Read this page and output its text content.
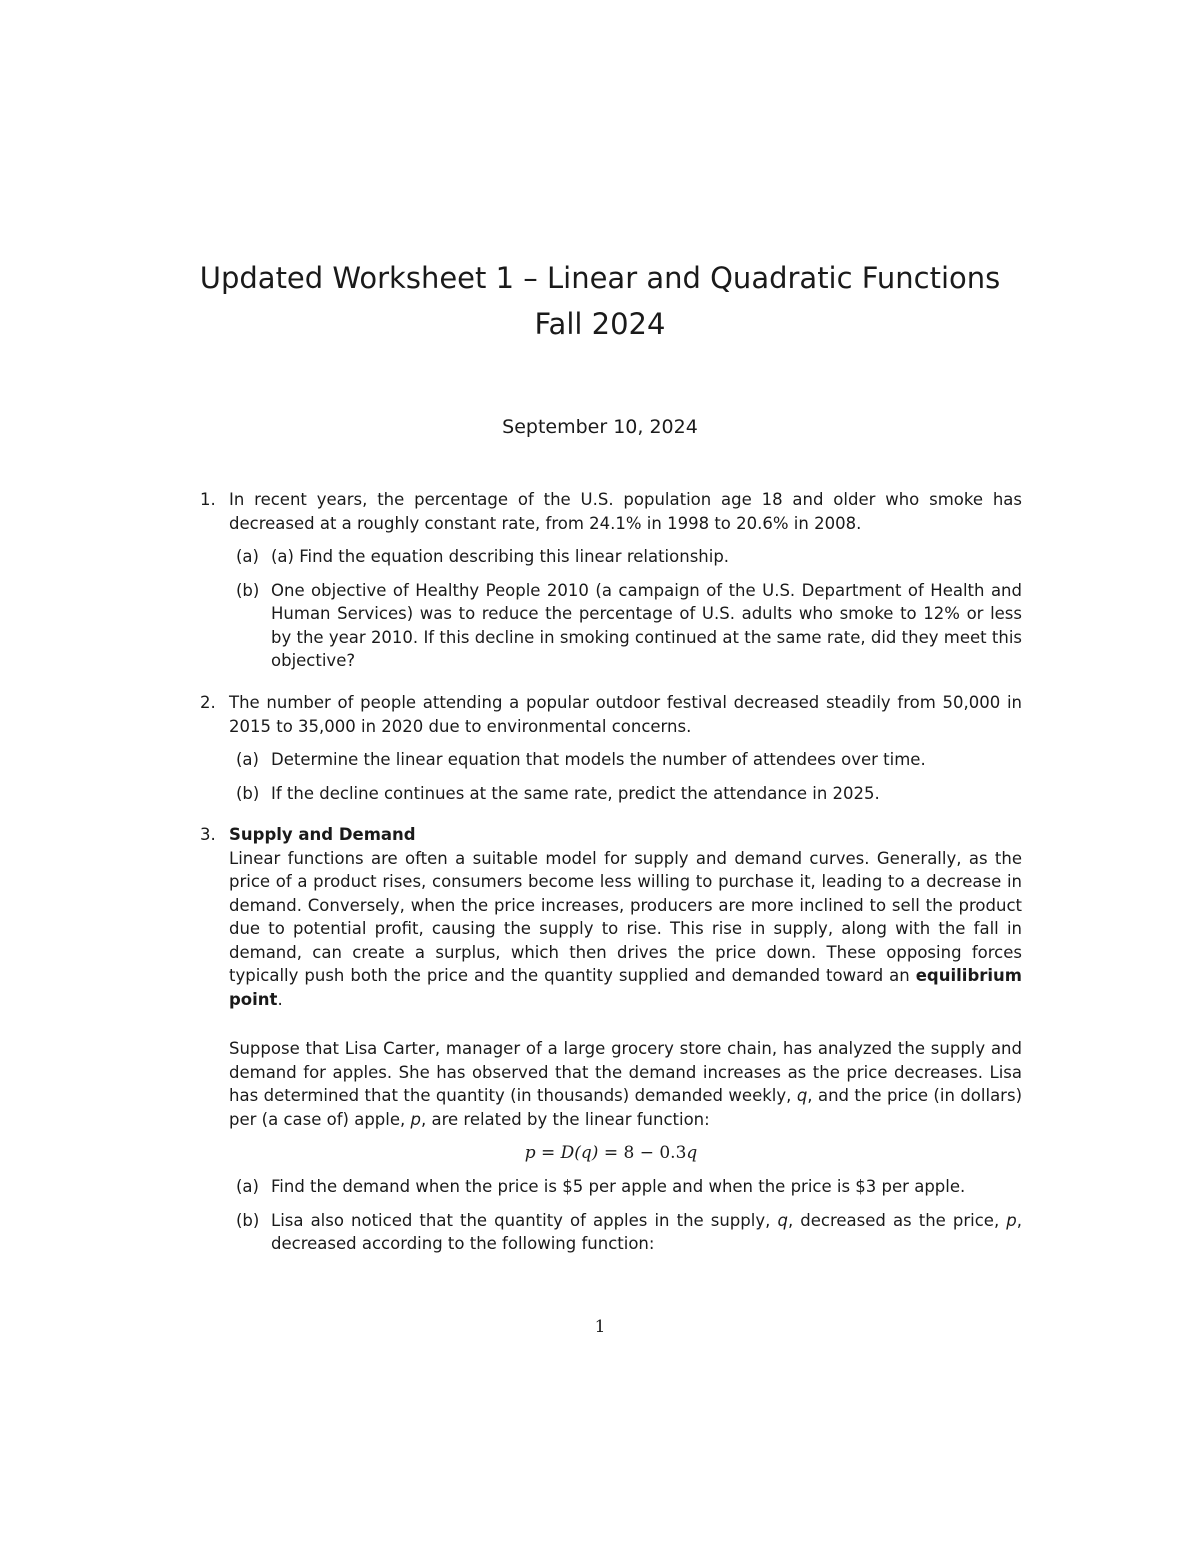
Updated Worksheet 1 – Linear and Quadratic Functions
Fall 2024
September 10, 2024
1. In recent years, the percentage of the U.S. population age 18 and older who smoke has decreased at a roughly constant rate, from 24.1% in 1998 to 20.6% in 2008.
(a) (a) Find the equation describing this linear relationship.
(b) One objective of Healthy People 2010 (a campaign of the U.S. Department of Health and Human Services) was to reduce the percentage of U.S. adults who smoke to 12% or less by the year 2010. If this decline in smoking continued at the same rate, did they meet this objective?
2. The number of people attending a popular outdoor festival decreased steadily from 50,000 in 2015 to 35,000 in 2020 due to environmental concerns.
(a) Determine the linear equation that models the number of attendees over time.
(b) If the decline continues at the same rate, predict the attendance in 2025.
3. Supply and Demand
Linear functions are often a suitable model for supply and demand curves. Generally, as the price of a product rises, consumers become less willing to purchase it, leading to a decrease in demand. Conversely, when the price increases, producers are more inclined to sell the product due to potential profit, causing the supply to rise. This rise in supply, along with the fall in demand, can create a surplus, which then drives the price down. These opposing forces typically push both the price and the quantity supplied and demanded toward an equilibrium point.
Suppose that Lisa Carter, manager of a large grocery store chain, has analyzed the supply and demand for apples. She has observed that the demand increases as the price decreases. Lisa has determined that the quantity (in thousands) demanded weekly, q, and the price (in dollars) per (a case of) apple, p, are related by the linear function:
p = D(q) = 8 − 0.3q
(a) Find the demand when the price is $5 per apple and when the price is $3 per apple.
(b) Lisa also noticed that the quantity of apples in the supply, q, decreased as the price, p, decreased according to the following function:
1
